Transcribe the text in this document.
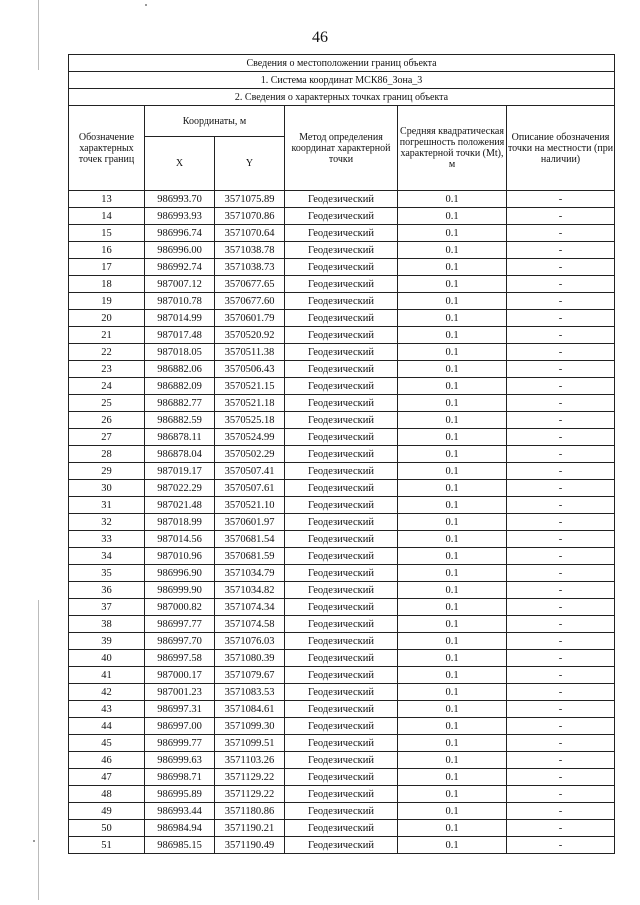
46
Сведения о местоположении границ объекта					
1. Система координат МСК86_Зона_3					
2. Сведения о характерных точках границ объекта					
Обозначение характерных точек границ	Координаты, м		Метод определения координат характерной точки	Средняя квадратическая погрешность положения характерной точки (Mt), м	Описание обозначения точки на местности (при наличии)
	X	Y			
13	986993.70	3571075.89	Геодезический	0.1	-
14	986993.93	3571070.86	Геодезический	0.1	-
15	986996.74	3571070.64	Геодезический	0.1	-
16	986996.00	3571038.78	Геодезический	0.1	-
17	986992.74	3571038.73	Геодезический	0.1	-
18	987007.12	3570677.65	Геодезический	0.1	-
19	987010.78	3570677.60	Геодезический	0.1	-
20	987014.99	3570601.79	Геодезический	0.1	-
21	987017.48	3570520.92	Геодезический	0.1	-
22	987018.05	3570511.38	Геодезический	0.1	-
23	986882.06	3570506.43	Геодезический	0.1	-
24	986882.09	3570521.15	Геодезический	0.1	-
25	986882.77	3570521.18	Геодезический	0.1	-
26	986882.59	3570525.18	Геодезический	0.1	-
27	986878.11	3570524.99	Геодезический	0.1	-
28	986878.04	3570502.29	Геодезический	0.1	-
29	987019.17	3570507.41	Геодезический	0.1	-
30	987022.29	3570507.61	Геодезический	0.1	-
31	987021.48	3570521.10	Геодезический	0.1	-
32	987018.99	3570601.97	Геодезический	0.1	-
33	987014.56	3570681.54	Геодезический	0.1	-
34	987010.96	3570681.59	Геодезический	0.1	-
35	986996.90	3571034.79	Геодезический	0.1	-
36	986999.90	3571034.82	Геодезический	0.1	-
37	987000.82	3571074.34	Геодезический	0.1	-
38	986997.77	3571074.58	Геодезический	0.1	-
39	986997.70	3571076.03	Геодезический	0.1	-
40	986997.58	3571080.39	Геодезический	0.1	-
41	987000.17	3571079.67	Геодезический	0.1	-
42	987001.23	3571083.53	Геодезический	0.1	-
43	986997.31	3571084.61	Геодезический	0.1	-
44	986997.00	3571099.30	Геодезический	0.1	-
45	986999.77	3571099.51	Геодезический	0.1	-
46	986999.63	3571103.26	Геодезический	0.1	-
47	986998.71	3571129.22	Геодезический	0.1	-
48	986995.89	3571129.22	Геодезический	0.1	-
49	986993.44	3571180.86	Геодезический	0.1	-
50	986984.94	3571190.21	Геодезический	0.1	-
51	986985.15	3571190.49	Геодезический	0.1	-
